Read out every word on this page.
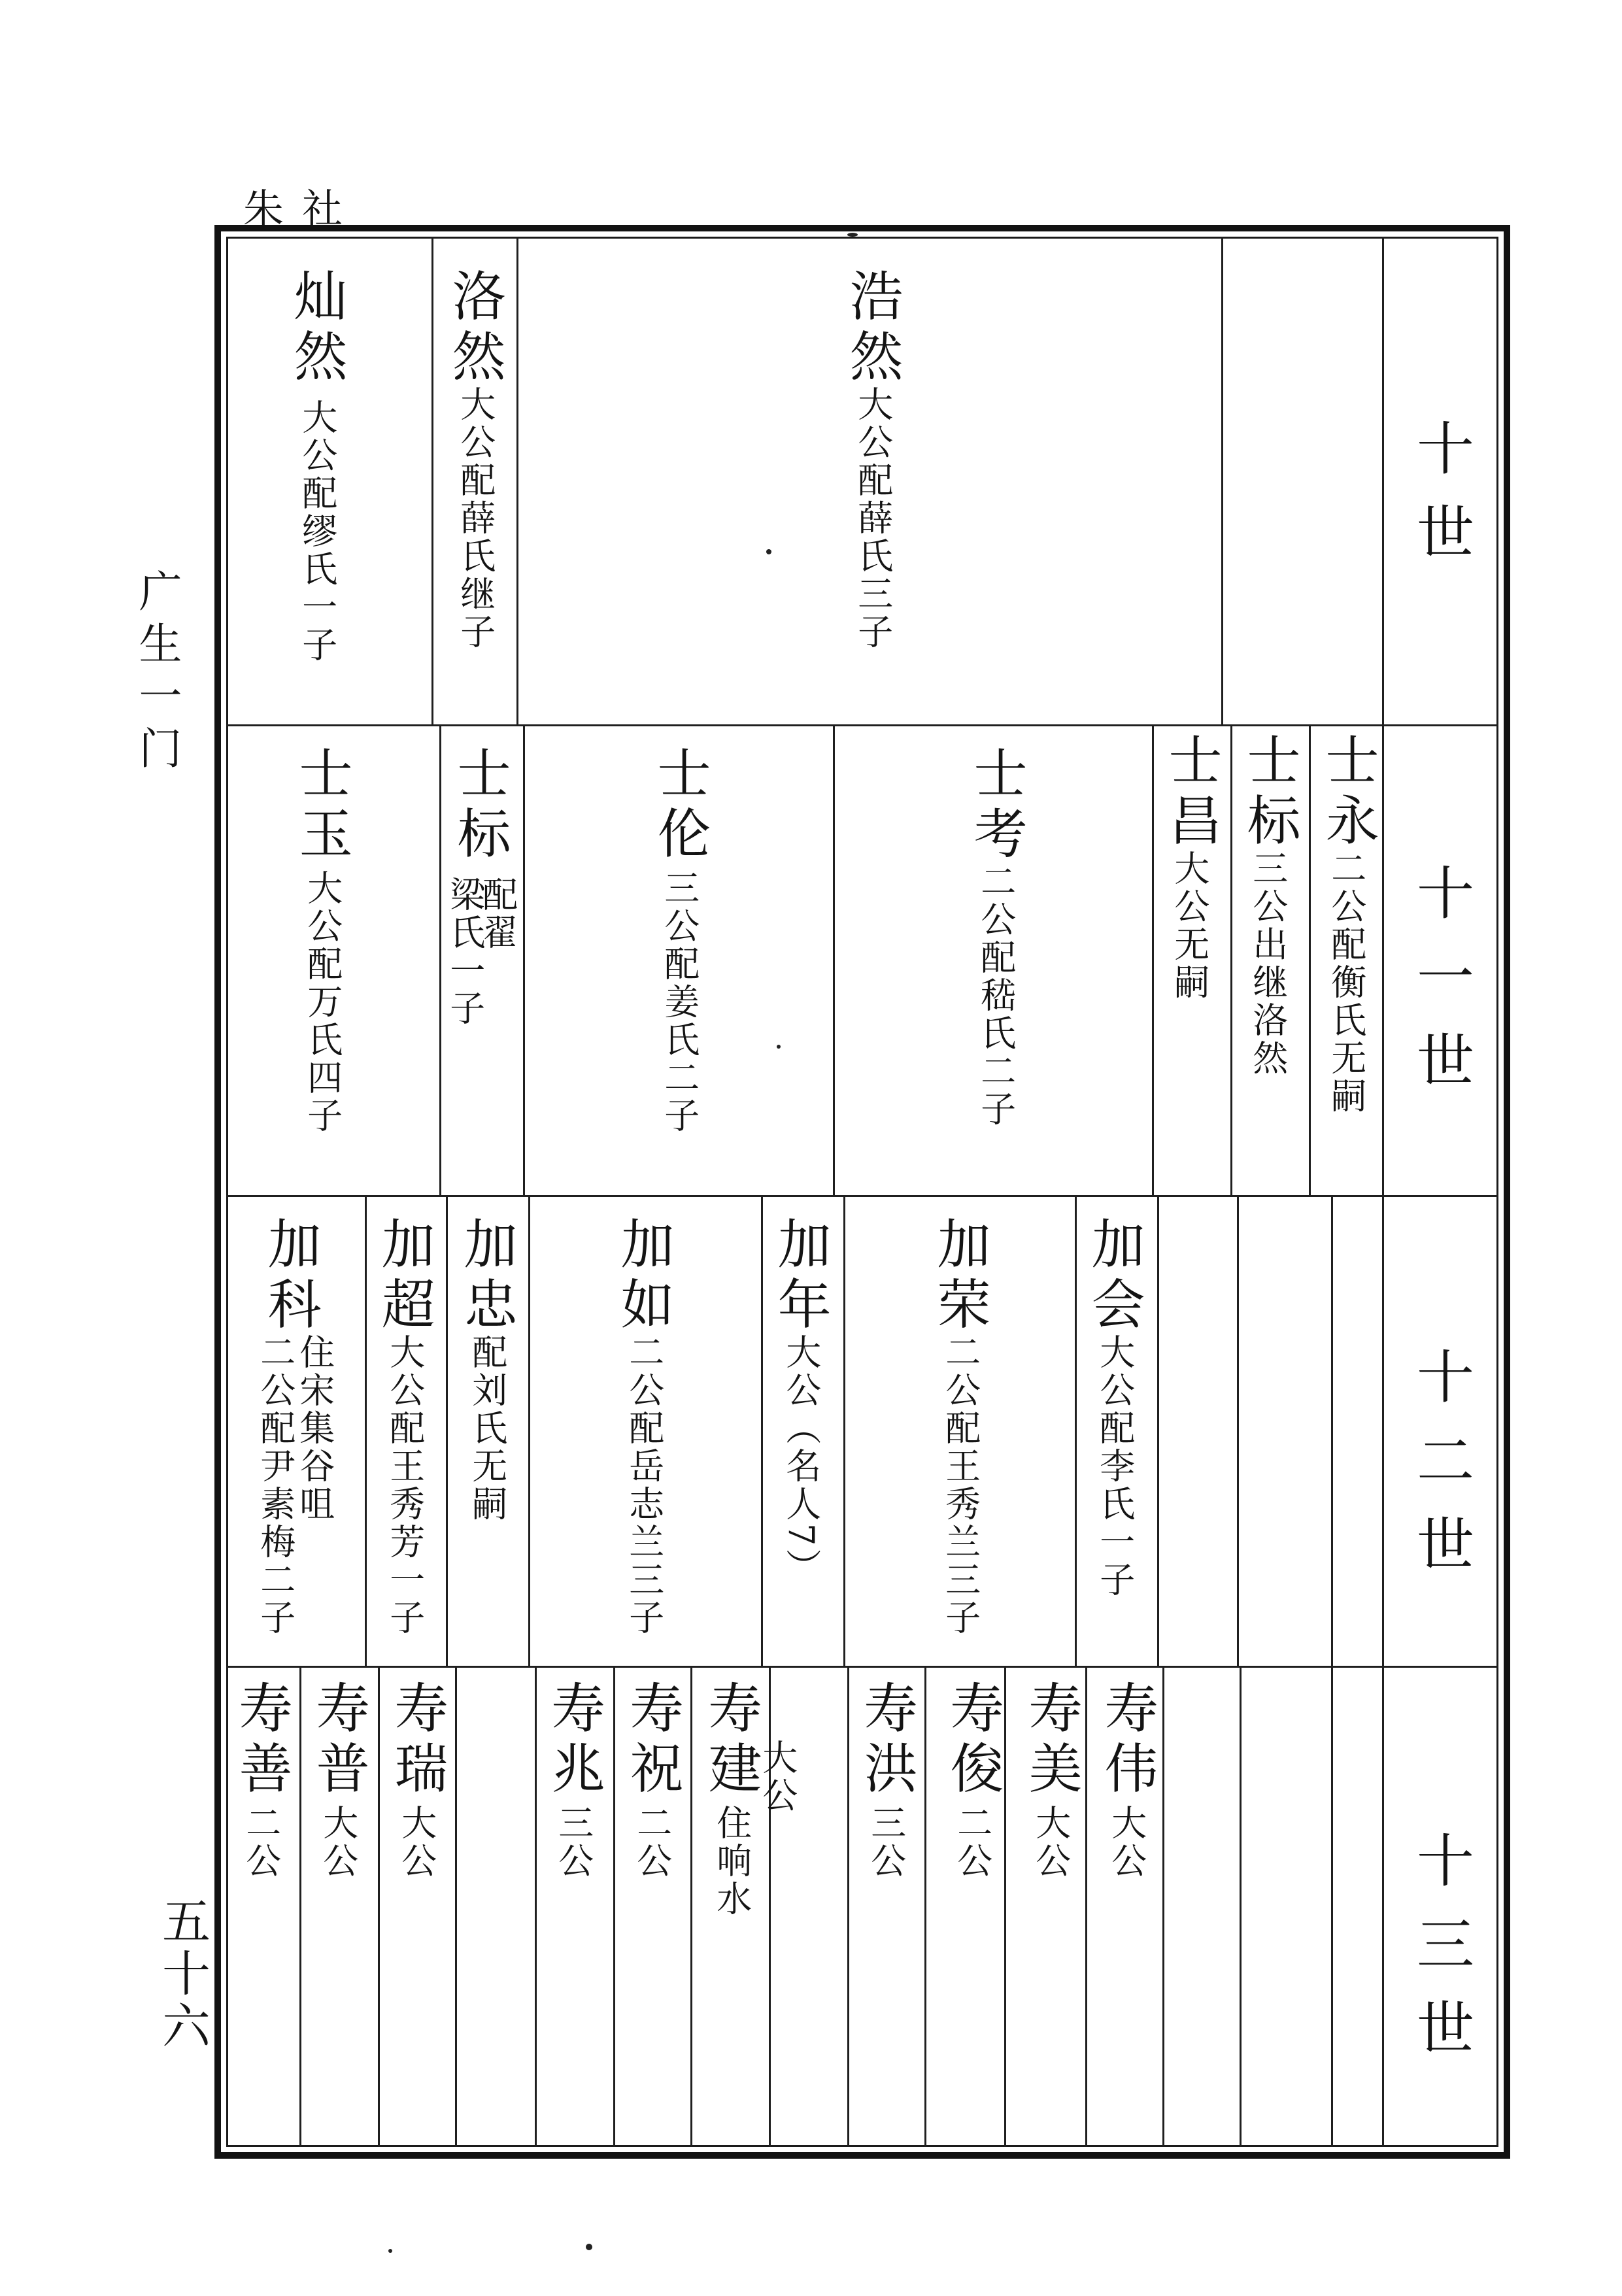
朱社
广生一门
五十六
十世
十一世
十二世
十三世
浩然
大公配薛氏三子
洛然
大公配薛氏继子
灿然
大公配缪氏一子
士永
二公配衡氏无嗣
士标
三公出继洛然
士昌
大公无嗣
士考
二公配嵇氏二子
士伦
三公配姜氏二子
士标
配翟
梁氏一子
士玉
大公配万氏四子
加会
大公配李氏一子
加荣
二公配王秀兰三子
加年
大公（名人7）
加如
二公配岳志兰三子
加忠
配刘氏无嗣
加超
大公配王秀芳一子
加科
住宋集谷咀
二公配尹素梅二子
寿伟
大公
寿美
大公
寿俊
二公
寿洪
三公
寿建
大公
住响水
寿祝
二公
寿兆
三公
寿瑞
大公
寿普
大公
寿善
二公
